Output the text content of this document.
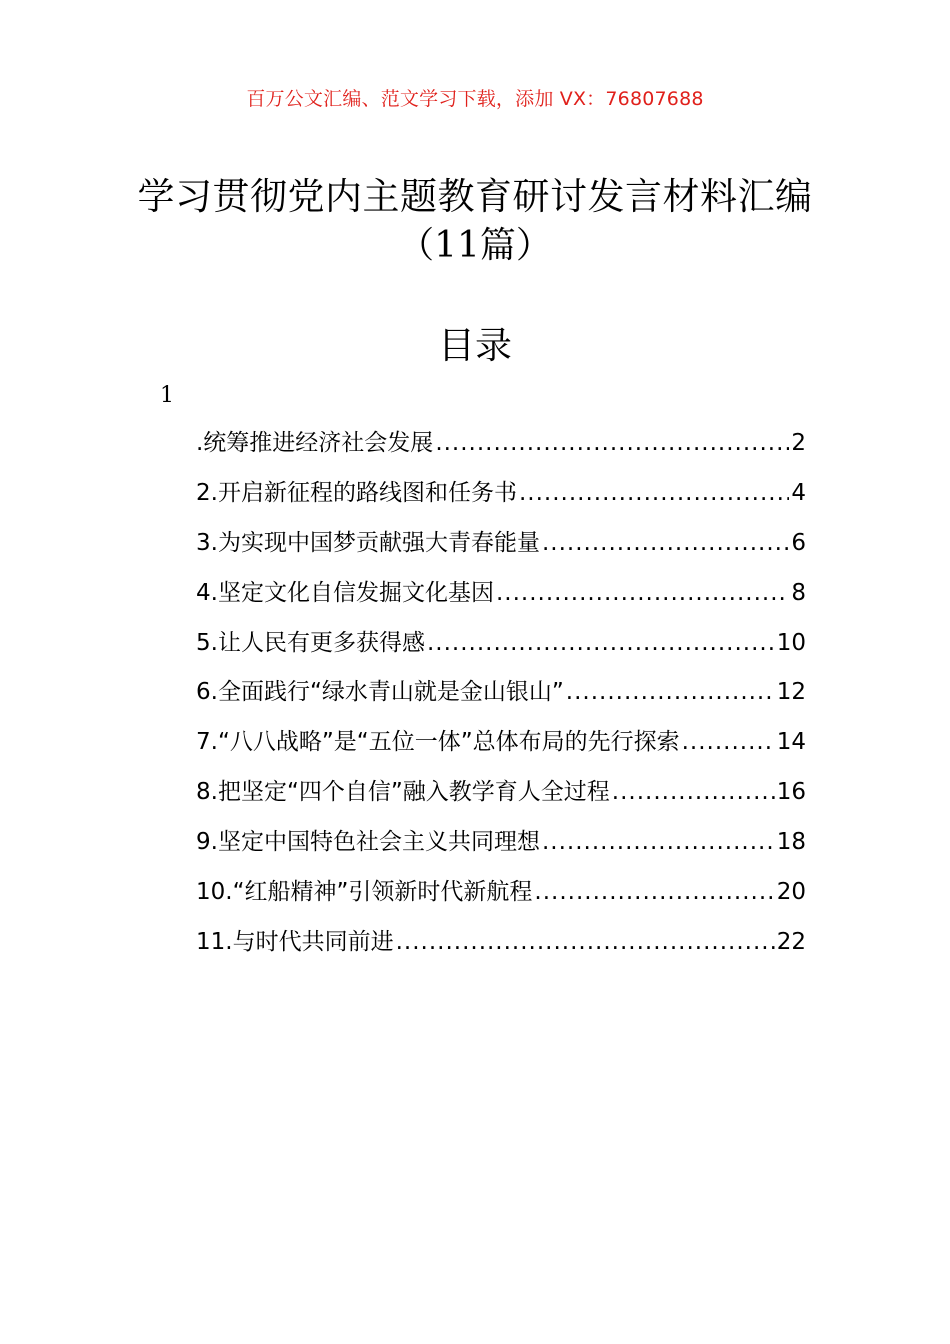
百万公文汇编、范文学习下载，添加 VX：76807688
学习贯彻党内主题教育研讨发言材料汇编
（11篇）
目录
1
.统筹推进经济社会发展 .....	2
2.开启新征程的路线图和任务书 .....	4
3.为实现中国梦贡献强大青春能量 .....	6
4.坚定文化自信发掘文化基因 .....	8
5.让人民有更多获得感 .....	10
6.全面践行“绿水青山就是金山银山” .....	12
7.“八八战略”是“五位一体”总体布局的先行探索 .....	14
8.把坚定“四个自信”融入教学育人全过程 .....	16
9.坚定中国特色社会主义共同理想 .....	18
10.“红船精神”引领新时代新航程 .....	20
11.与时代共同前进 .....	22
